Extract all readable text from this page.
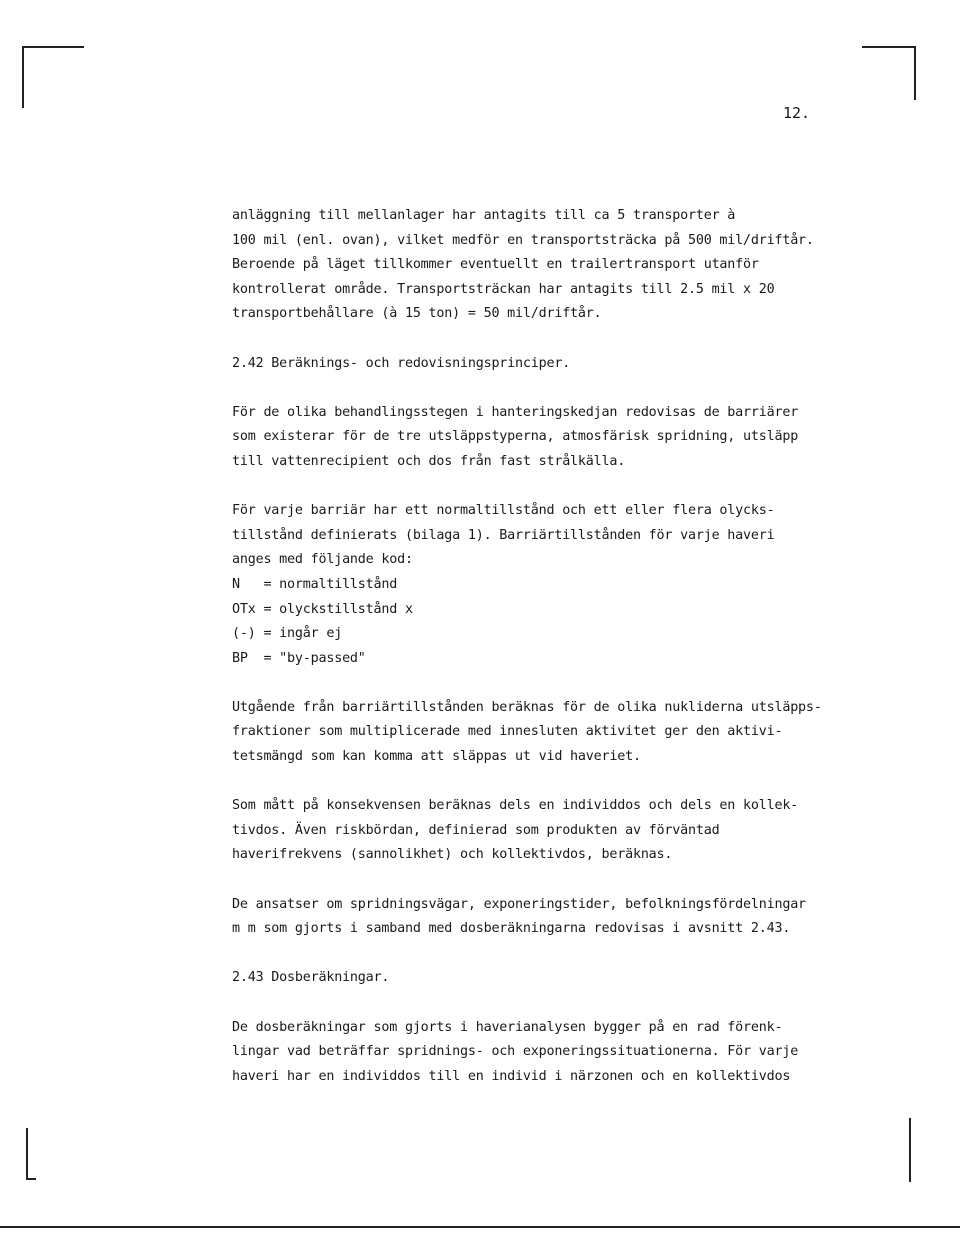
12.
anläggning till mellanlager har antagits till ca 5 transporter à
100 mil (enl. ovan), vilket medför en transportsträcka på 500 mil/driftår.
Beroende på läget tillkommer eventuellt en trailertransport utanför
kontrollerat område. Transportsträckan har antagits till 2.5 mil x 20
transportbehållare (à 15 ton) = 50 mil/driftår.
2.42 Beräknings- och redovisningsprinciper.
För de olika behandlingsstegen i hanteringskedjan redovisas de barriärer
som existerar för de tre utsläppstyperna, atmosfärisk spridning, utsläpp
till vattenrecipient och dos från fast strålkälla.
För varje barriär har ett normaltillstånd och ett eller flera olycks-
tillstånd definierats (bilaga 1). Barriärtillstånden för varje haveri
anges med följande kod:
N   = normaltillstånd
OTx = olyckstillstånd x
(-) = ingår ej
BP  = "by-passed"
Utgående från barriärtillstånden beräknas för de olika nukliderna utsläpps-
fraktioner som multiplicerade med innesluten aktivitet ger den aktivi-
tetsmängd som kan komma att släppas ut vid haveriet.
Som mått på konsekvensen beräknas dels en individdos och dels en kollek-
tivdos. Även riskbördan, definierad som produkten av förväntad
haverifrekvens (sannolikhet) och kollektivdos, beräknas.
De ansatser om spridningsvägar, exponeringstider, befolkningsfördelningar
m m som gjorts i samband med dosberäkningarna redovisas i avsnitt 2.43.
2.43 Dosberäkningar.
De dosberäkningar som gjorts i haverianalysen bygger på en rad förenk-
lingar vad beträffar spridnings- och exponeringssituationerna. För varje
haveri har en individdos till en individ i närzonen och en kollektivdos
